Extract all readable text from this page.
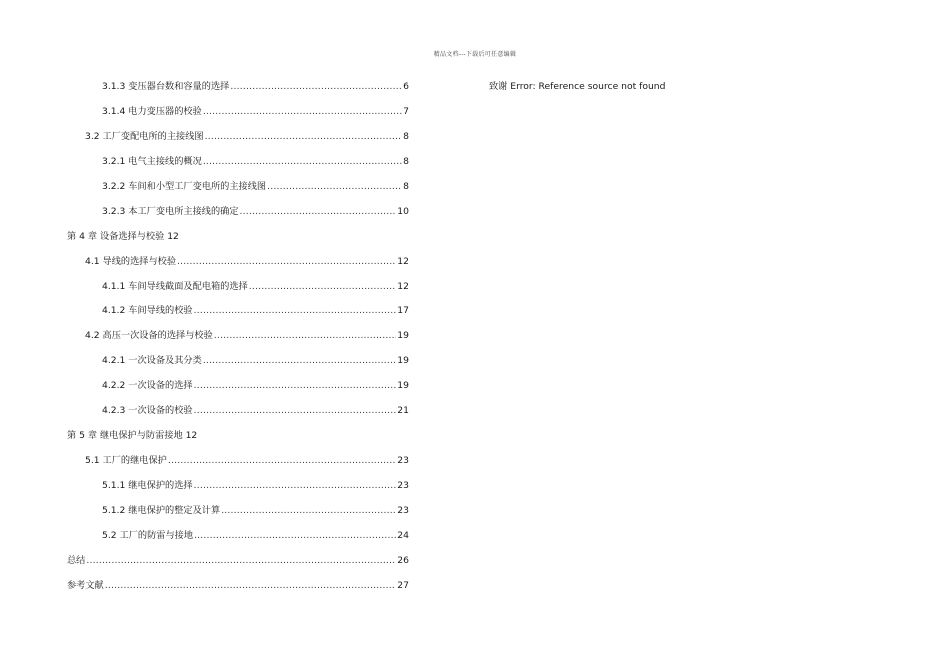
精品文档---下载后可任意编辑
3.1.3 变压器台数和容量的选择 .....	6
3.1.4 电力变压器的校验 .....	7
3.2 工厂变配电所的主接线图 .....	8
3.2.1 电气主接线的概况 .....	8
3.2.2 车间和小型工厂变电所的主接线图 .....	8
3.2.3 本工厂变电所主接线的确定 .....	10
第 4 章 设备选择与校验 12
4.1 导线的选择与校验 .....	12
4.1.1 车间导线截面及配电箱的选择 .....	12
4.1.2 车间导线的校验 .....	17
4.2 高压一次设备的选择与校验 .....	19
4.2.1 一次设备及其分类 .....	19
4.2.2 一次设备的选择 .....	19
4.2.3 一次设备的校验 .....	21
第 5 章 继电保护与防雷接地 12
5.1 工厂的继电保护 .....	23
5.1.1 继电保护的选择 .....	23
5.1.2 继电保护的整定及计算 .....	23
5.2 工厂的防雷与接地 .....	24
总结 .....	26
参考文献 .....	27
致谢 Error: Reference source not found
